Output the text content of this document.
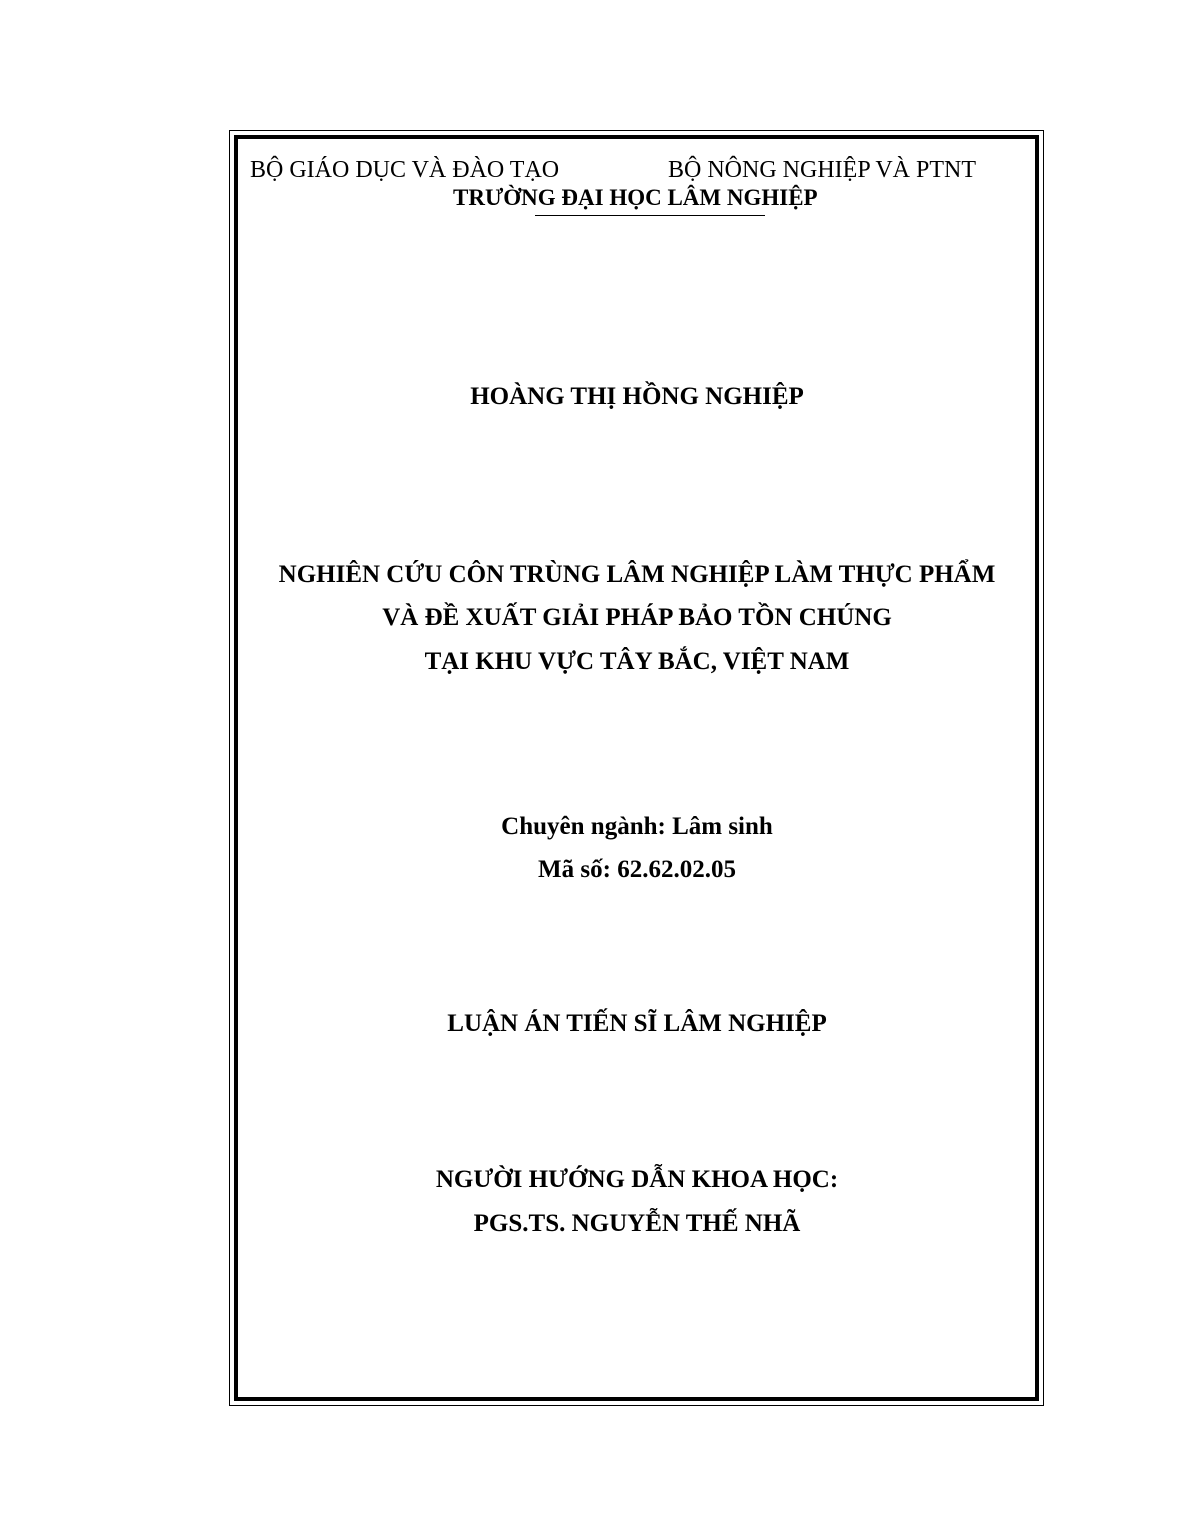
BỘ GIÁO DỤC VÀ ĐÀO TẠO	BỘ NÔNG NGHIỆP VÀ PTNT
TRƯỜNG ĐẠI HỌC LÂM NGHIỆP
HOÀNG THỊ HỒNG NGHIỆP
NGHIÊN CỨU CÔN TRÙNG LÂM NGHIỆP LÀM THỰC PHẨM
VÀ ĐỀ XUẤT GIẢI PHÁP BẢO TỒN CHÚNG
TẠI KHU VỰC TÂY BẮC, VIỆT NAM
Chuyên ngành: Lâm sinh
Mã số: 62.62.02.05
LUẬN ÁN TIẾN SĨ LÂM NGHIỆP
NGƯỜI HƯỚNG DẪN KHOA HỌC:
PGS.TS. NGUYỄN THẾ NHÃ
